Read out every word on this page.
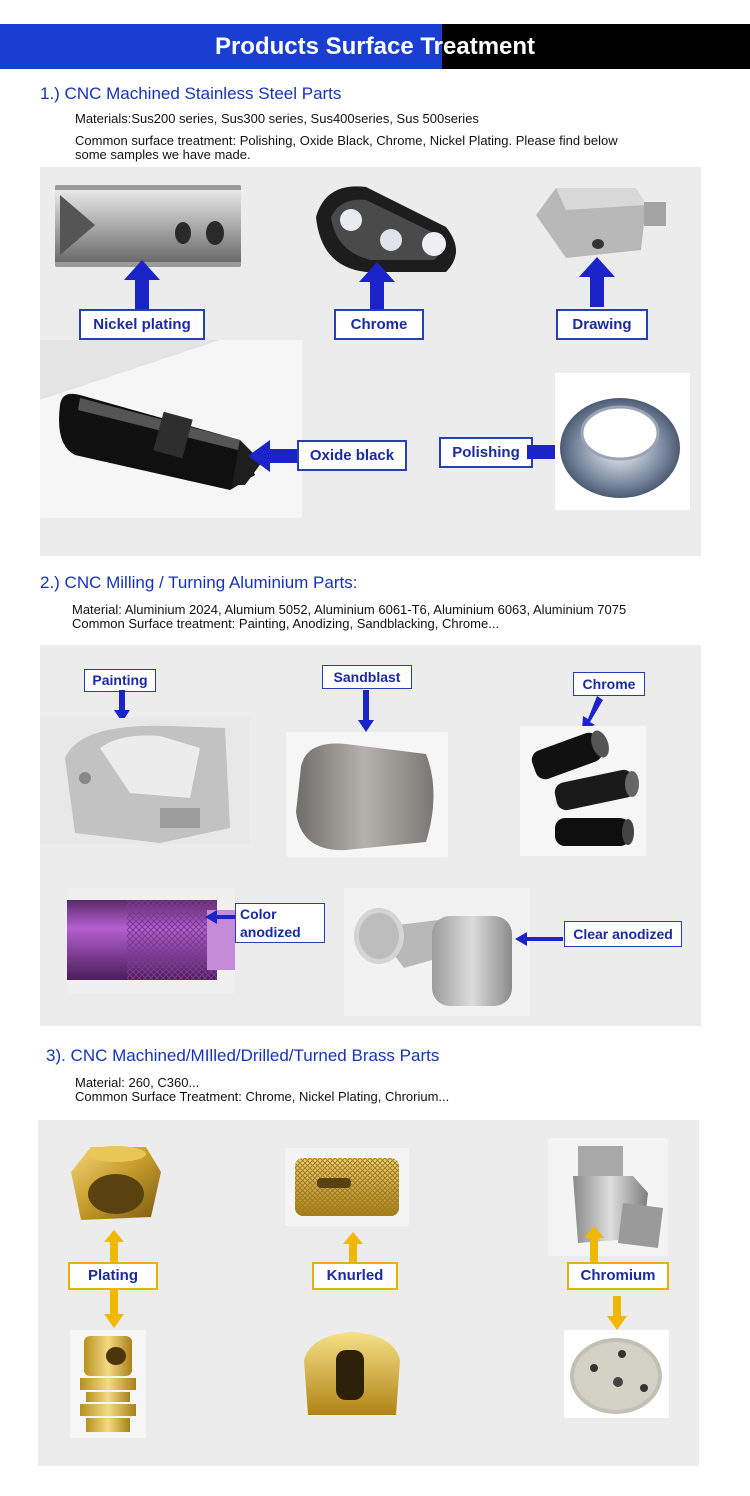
Products Surface Treatment
1.) CNC Machined Stainless Steel Parts
Materials:Sus200 series, Sus300 series, Sus400series, Sus 500series
Common surface treatment: Polishing, Oxide Black, Chrome, Nickel Plating. Please find below
some samples we have made.
Nickel plating	Chrome	Drawing
Oxide black	Polishing
2.) CNC Milling / Turning Aluminium Parts:
Material: Aluminium 2024, Alumium 5052, Aluminium 6061-T6, Aluminium 6063, Aluminium 7075
Common Surface treatment: Painting, Anodizing, Sandblacking, Chrome...
Painting	Sandblast	Chrome
Color
anodized	Clear anodized
3). CNC Machined/MIlled/Drilled/Turned Brass Parts
Material: 260, C360...
Common Surface Treatment: Chrome, Nickel Plating, Chrorium...
Plating	Knurled	Chromium
